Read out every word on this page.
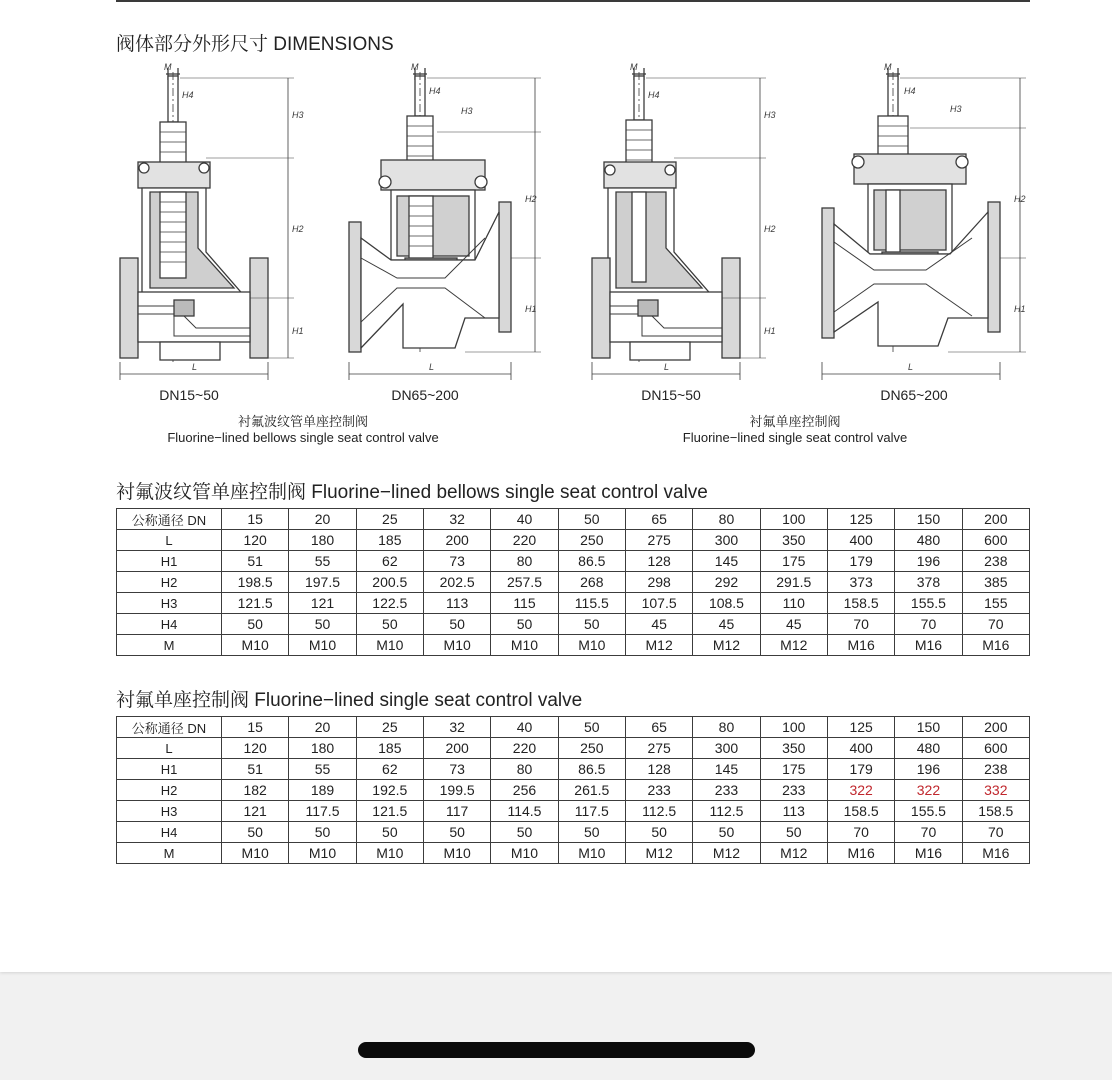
阀体部分外形尺寸 DIMENSIONS
L
H3
H2
H1
M
H4
L
H3
H2
H1
M
H4
L
H3
H2
H1
M
H4
L
H3
H2
H1
M
H4
DN15~50	DN65~200	DN15~50	DN65~200
衬氟波纹管单座控制阀
Fluorine−lined bellows single seat control valve
衬氟单座控制阀
Fluorine−lined single seat control valve
衬氟波纹管单座控制阀 Fluorine−lined bellows single seat control valve
公称通径 DN	15	20	25	32	40	50	65	80	100	125	150	200
L	120	180	185	200	220	250	275	300	350	400	480	600
H1	51	55	62	73	80	86.5	128	145	175	179	196	238
H2	198.5	197.5	200.5	202.5	257.5	268	298	292	291.5	373	378	385
H3	121.5	121	122.5	113	115	115.5	107.5	108.5	110	158.5	155.5	155
H4	50	50	50	50	50	50	45	45	45	70	70	70
M	M10	M10	M10	M10	M10	M10	M12	M12	M12	M16	M16	M16
衬氟单座控制阀 Fluorine−lined single seat control valve
公称通径 DN	15	20	25	32	40	50	65	80	100	125	150	200
L	120	180	185	200	220	250	275	300	350	400	480	600
H1	51	55	62	73	80	86.5	128	145	175	179	196	238
H2	182	189	192.5	199.5	256	261.5	233	233	233	322	322	332
H3	121	117.5	121.5	117	114.5	117.5	112.5	112.5	113	158.5	155.5	158.5
H4	50	50	50	50	50	50	50	50	50	70	70	70
M	M10	M10	M10	M10	M10	M10	M12	M12	M12	M16	M16	M16
